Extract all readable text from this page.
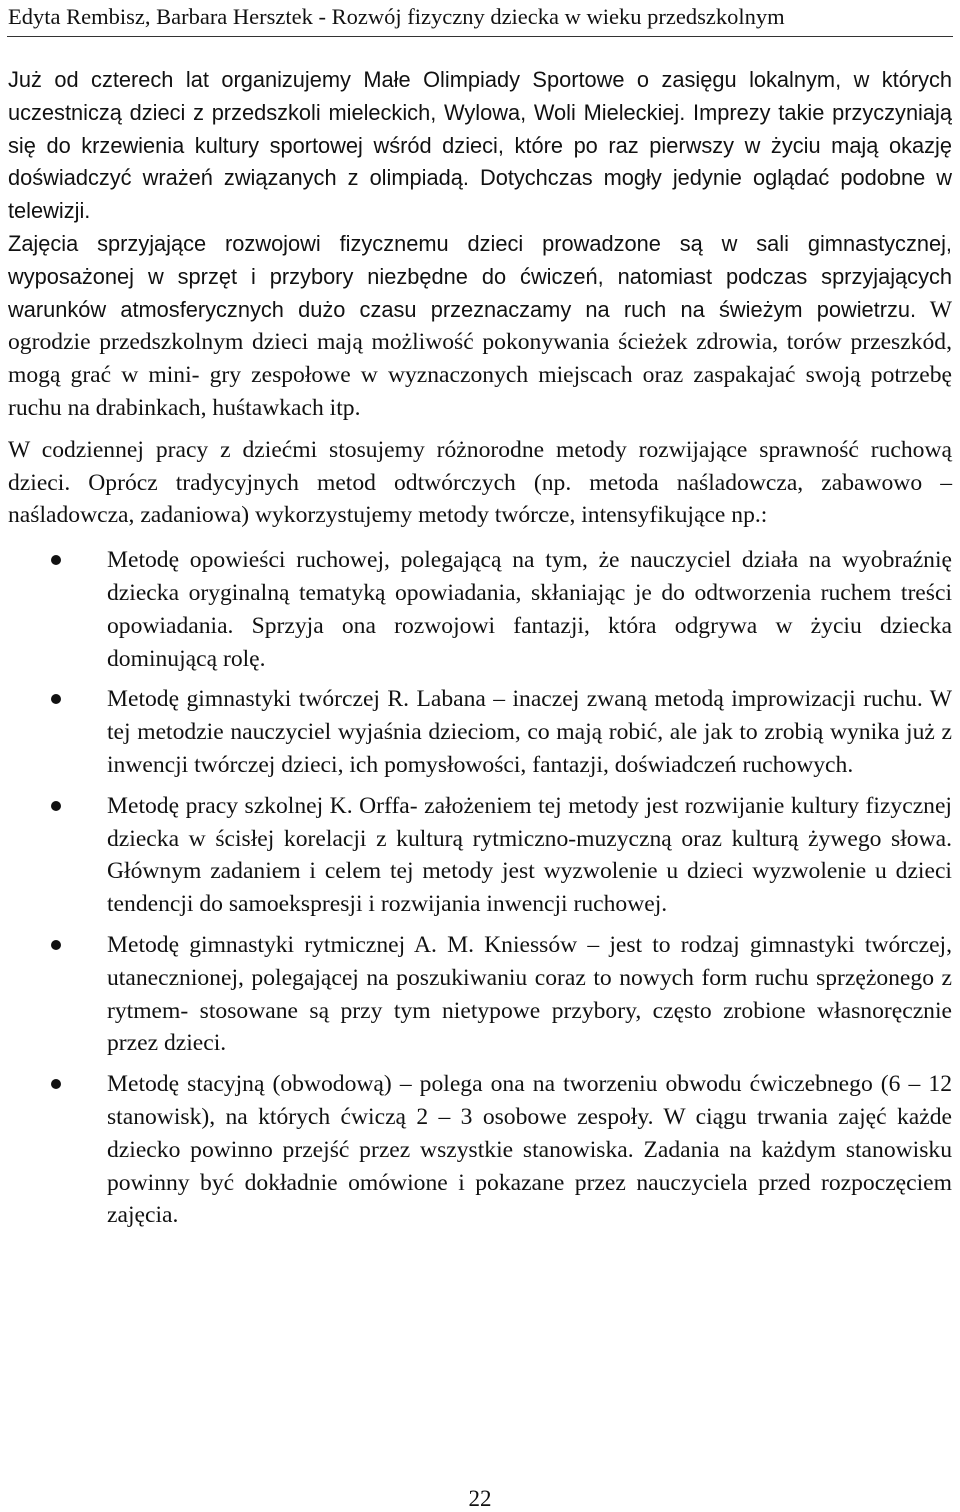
Edyta Rembisz, Barbara Hersztek - Rozwój fizyczny dziecka w wieku przedszkolnym

Już od czterech lat organizujemy Małe Olimpiady Sportowe o zasięgu lokalnym, w których uczestniczą dzieci z przedszkoli mieleckich, Wylowa, Woli Mieleckiej. Imprezy takie przyczyniają się do krzewienia kultury sportowej wśród dzieci, które po raz pierwszy w życiu mają okazję doświadczyć wrażeń związanych z olimpiadą. Dotychczas mogły jedynie oglądać podobne w telewizji.

Zajęcia sprzyjające rozwojowi fizycznemu dzieci prowadzone są w sali gimnastycznej, wyposażonej w sprzęt i przybory niezbędne do ćwiczeń, natomiast podczas sprzyjających warunków atmosferycznych dużo czasu przeznaczamy na ruch na świeżym powietrzu. W ogrodzie przedszkolnym dzieci mają możliwość pokonywania ścieżek zdrowia, torów przeszkód, mogą grać w mini- gry zespołowe w wyznaczonych miejscach oraz zaspakajać swoją potrzebę ruchu na drabinkach, huśtawkach itp.

W codziennej pracy z dziećmi stosujemy różnorodne metody rozwijające sprawność ruchową dzieci. Oprócz tradycyjnych metod odtwórczych (np. metoda naśladowcza, zabawowo – naśladowcza, zadaniowa) wykorzystujemy metody twórcze, intensyfikujące np.:

Metodę opowieści ruchowej, polegającą na tym, że nauczyciel działa na wyobraźnię dziecka oryginalną tematyką opowiadania, skłaniając je do odtworzenia ruchem treści opowiadania. Sprzyja ona rozwojowi fantazji, która odgrywa w życiu dziecka dominującą rolę.
Metodę gimnastyki twórczej R. Labana – inaczej zwaną metodą improwizacji ruchu. W tej metodzie nauczyciel wyjaśnia dzieciom, co mają robić, ale jak to zrobią wynika już z inwencji twórczej dzieci, ich pomysłowości, fantazji, doświadczeń ruchowych.
Metodę pracy szkolnej K. Orffa- założeniem tej metody jest rozwijanie kultury fizycznej dziecka w ścisłej korelacji z kulturą rytmiczno-muzyczną oraz kulturą żywego słowa. Głównym zadaniem i celem tej metody jest wyzwolenie u dzieci wyzwolenie u dzieci tendencji do samoekspresji i rozwijania inwencji ruchowej.
Metodę gimnastyki rytmicznej A. M. Kniessów – jest to rodzaj gimnastyki twórczej, utanecznionej, polegającej na poszukiwaniu coraz to nowych form ruchu sprzężonego z rytmem- stosowane są przy tym nietypowe przybory, często zrobione własnoręcznie przez dzieci.
Metodę stacyjną (obwodową) – polega ona na tworzeniu obwodu ćwiczebnego (6 – 12 stanowisk), na których ćwiczą 2 – 3 osobowe zespoły. W ciągu trwania zajęć każde dziecko powinno przejść przez wszystkie stanowiska. Zadania na każdym stanowisku powinny być dokładnie omówione i pokazane przez nauczyciela przed rozpoczęciem zajęcia.
22
